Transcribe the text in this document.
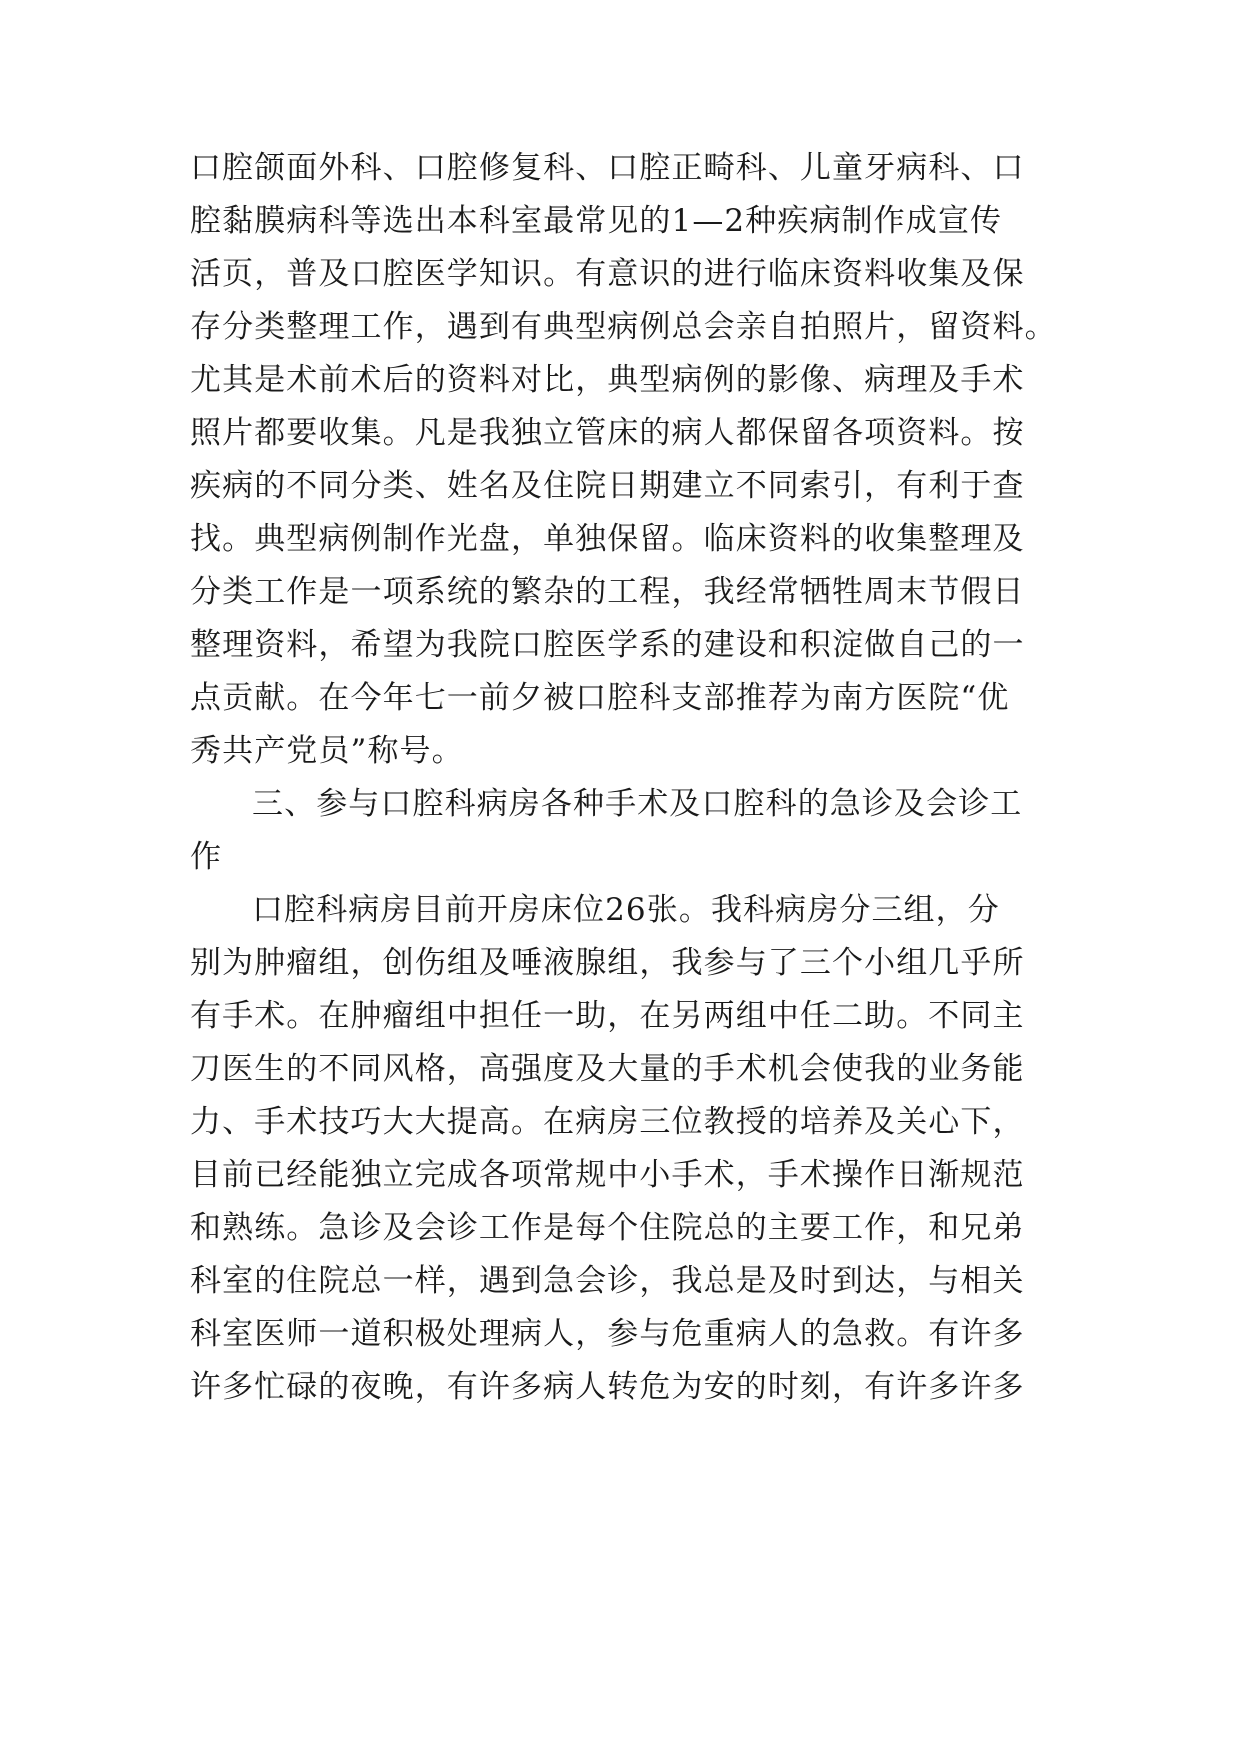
口腔颌面外科、口腔修复科、口腔正畸科、儿童牙病科、口
腔黏膜病科等选出本科室最常见的1—2种疾病制作成宣传
活页，普及口腔医学知识。有意识的进行临床资料收集及保
存分类整理工作，遇到有典型病例总会亲自拍照片，留资料。
尤其是术前术后的资料对比，典型病例的影像、病理及手术
照片都要收集。凡是我独立管床的病人都保留各项资料。按
疾病的不同分类、姓名及住院日期建立不同索引，有利于查
找。典型病例制作光盘，单独保留。临床资料的收集整理及
分类工作是一项系统的繁杂的工程，我经常牺牲周末节假日
整理资料，希望为我院口腔医学系的建设和积淀做自己的一
点贡献。在今年七一前夕被口腔科支部推荐为南方医院“优
秀共产党员”称号。
三、参与口腔科病房各种手术及口腔科的急诊及会诊工
作
口腔科病房目前开房床位26张。我科病房分三组，分
别为肿瘤组，创伤组及唾液腺组，我参与了三个小组几乎所
有手术。在肿瘤组中担任一助，在另两组中任二助。不同主
刀医生的不同风格，高强度及大量的手术机会使我的业务能
力、手术技巧大大提高。在病房三位教授的培养及关心下，
目前已经能独立完成各项常规中小手术，手术操作日渐规范
和熟练。急诊及会诊工作是每个住院总的主要工作，和兄弟
科室的住院总一样，遇到急会诊，我总是及时到达，与相关
科室医师一道积极处理病人，参与危重病人的急救。有许多
许多忙碌的夜晚，有许多病人转危为安的时刻，有许多许多
